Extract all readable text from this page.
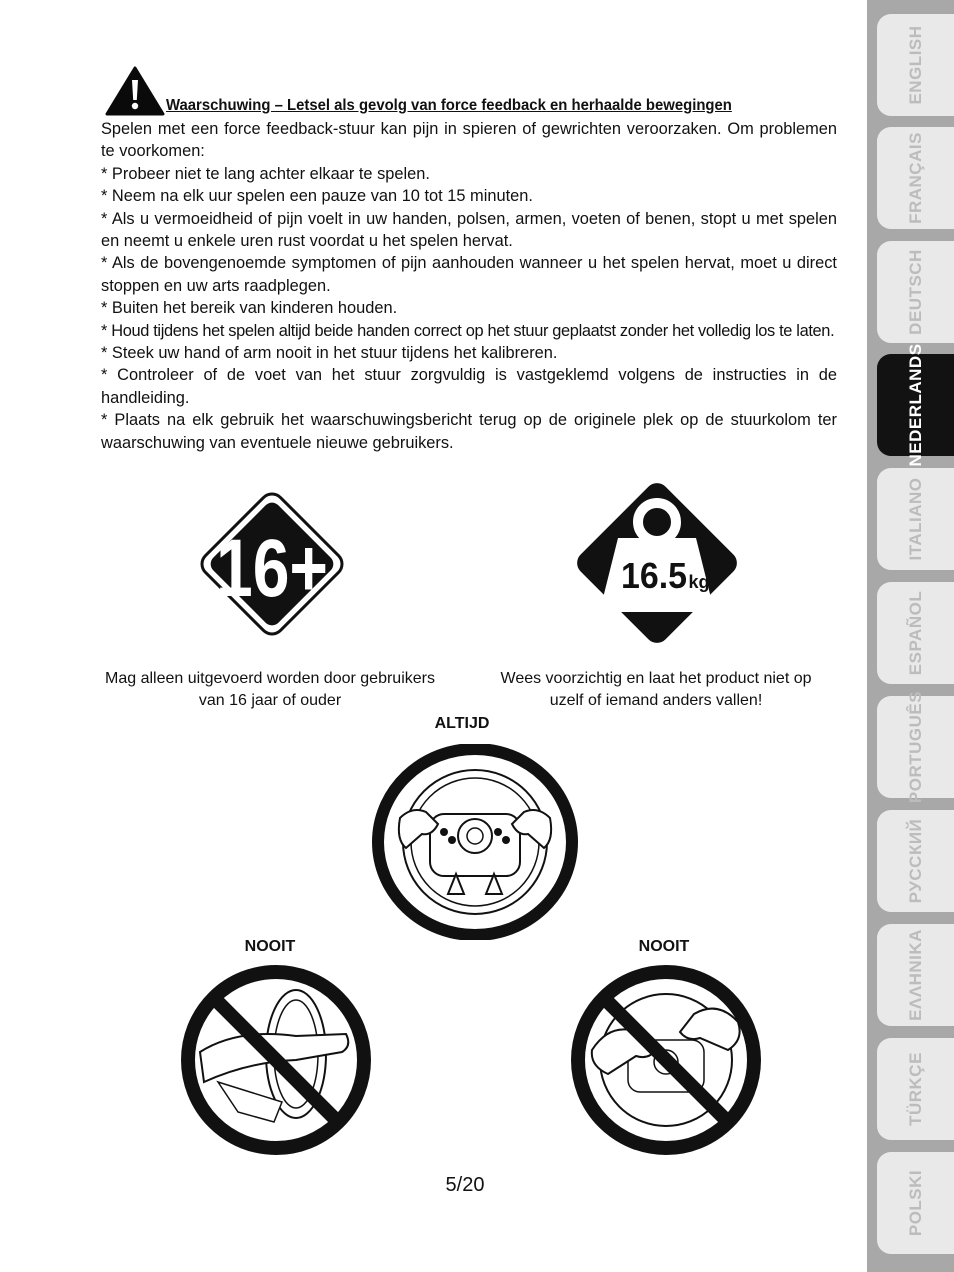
Waarschuwing – Letsel als gevolg van force feedback en herhaalde bewegingen

Spelen met een force feedback-stuur kan pijn in spieren of gewrichten veroorzaken. Om problemen te voorkomen:

* Probeer niet te lang achter elkaar te spelen.

* Neem na elk uur spelen een pauze van 10 tot 15 minuten.

* Als u vermoeidheid of pijn voelt in uw handen, polsen, armen, voeten of benen, stopt u met spelen en neemt u enkele uren rust voordat u het spelen hervat.

* Als de bovengenoemde symptomen of pijn aanhouden wanneer u het spelen hervat, moet u direct stoppen en uw arts raadplegen.

* Buiten het bereik van kinderen houden.

* Houd tijdens het spelen altijd beide handen correct op het stuur geplaatst zonder het volledig los te laten.

* Steek uw hand of arm nooit in het stuur tijdens het kalibreren.

* Controleer of de voet van het stuur zorgvuldig is vastgeklemd volgens de instructies in de handleiding.

* Plaats na elk gebruik het waarschuwingsbericht terug op de originele plek op de stuurkolom ter waarschuwing van eventuele nieuwe gebruikers.

16+	16.5 kg
Mag alleen uitgevoerd worden door gebruikers
van 16 jaar of ouder
Wees voorzichtig en laat het product niet op
uzelf of iemand anders vallen!
ALTIJD
NOOIT	NOOIT
5/20
ENGLISH
FRANÇAIS
DEUTSCH
NEDERLANDS
ITALIANO
ESPAÑOL
PORTUGUÊS
РУССКИЙ
ΕΛΛΗΝΙΚΑ
TÜRKÇE
POLSKI
